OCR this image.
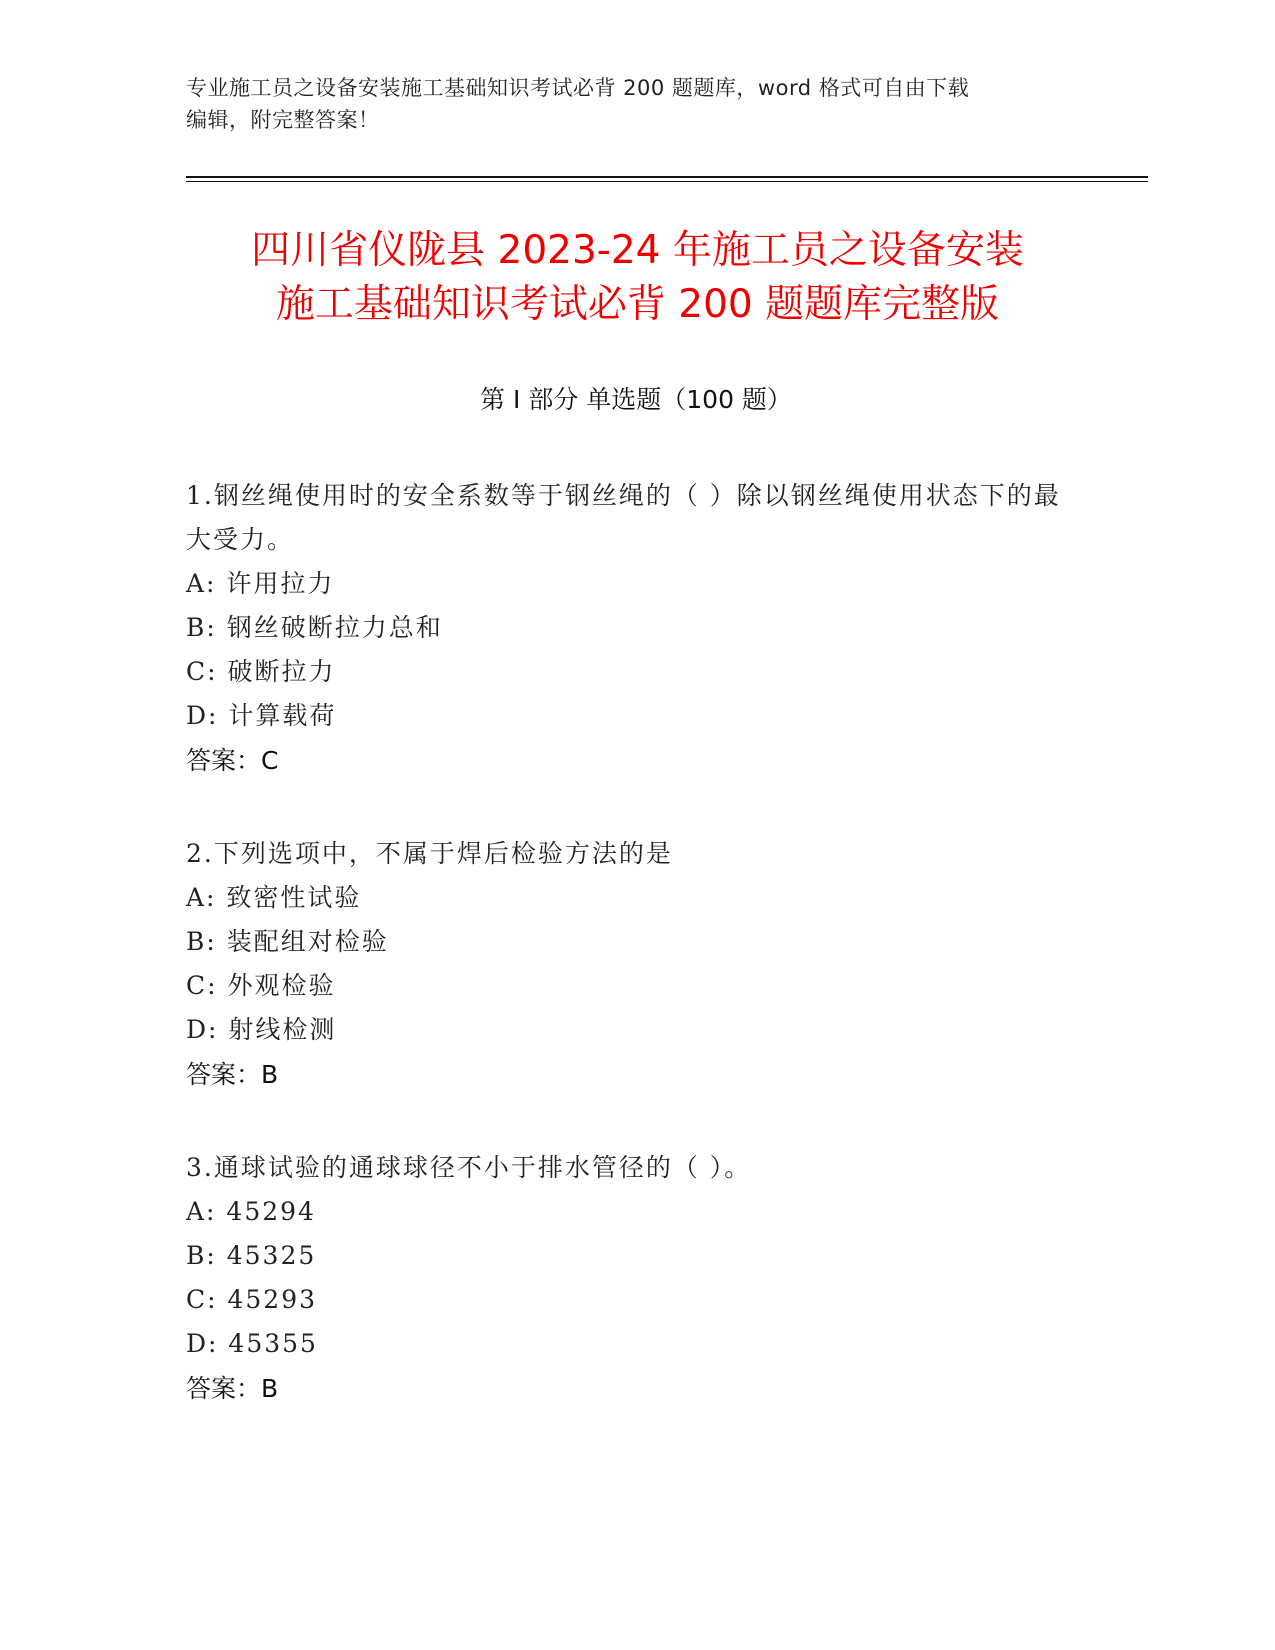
专业施工员之设备安装施工基础知识考试必背 200 题题库，word 格式可自由下载
编辑，附完整答案！
四川省仪陇县 2023-24 年施工员之设备安装
施工基础知识考试必背 200 题题库完整版
第 I 部分 单选题（100 题）
1.钢丝绳使用时的安全系数等于钢丝绳的（ ）除以钢丝绳使用状态下的最大受力。
A: 许用拉力
B: 钢丝破断拉力总和
C: 破断拉力
D: 计算载荷
答案：C
2.下列选项中，不属于焊后检验方法的是
A: 致密性试验
B: 装配组对检验
C: 外观检验
D: 射线检测
答案：B
3.通球试验的通球球径不小于排水管径的（ ）。
A: 45294
B: 45325
C: 45293
D: 45355
答案：B
